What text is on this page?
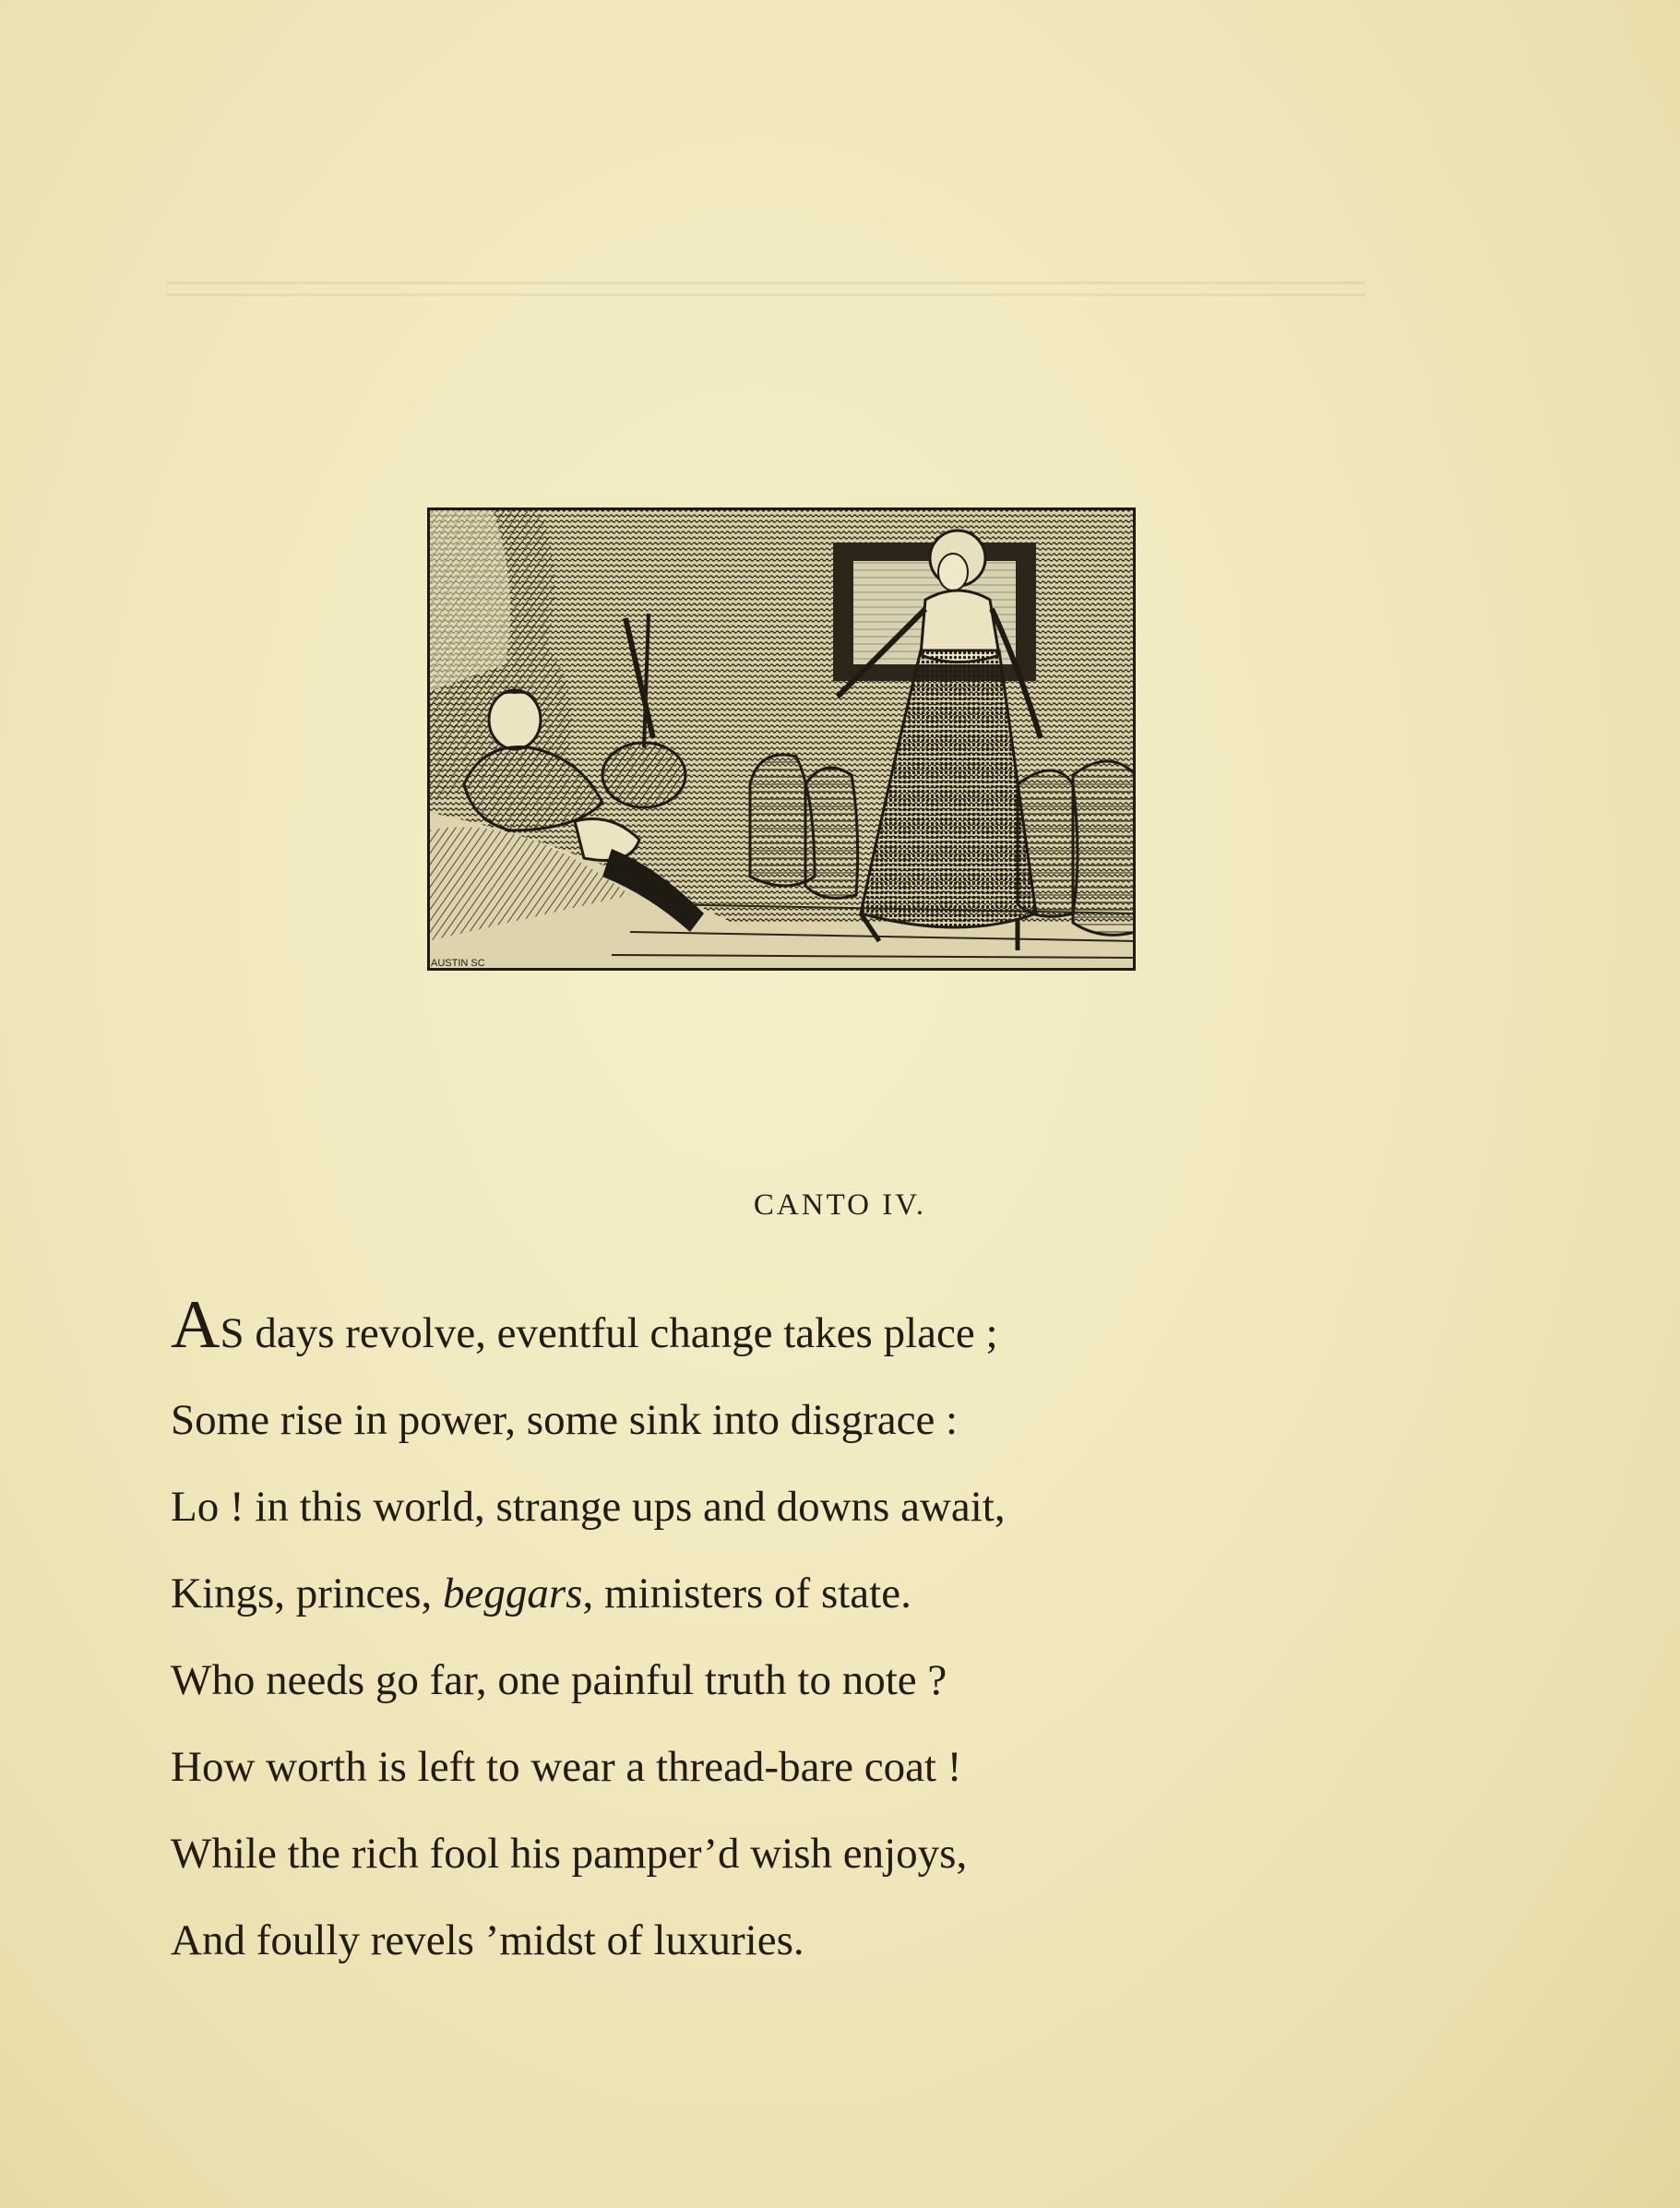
AUSTIN SC
CANTO IV.
AS days revolve, eventful change takes place ;
Some rise in power, some sink into disgrace :
Lo ! in this world, strange ups and downs await,
Kings, princes, beggars, ministers of state.
Who needs go far, one painful truth to note ?
How worth is left to wear a thread-bare coat !
While the rich fool his pamper’d wish enjoys,
And foully revels ’midst of luxuries.
